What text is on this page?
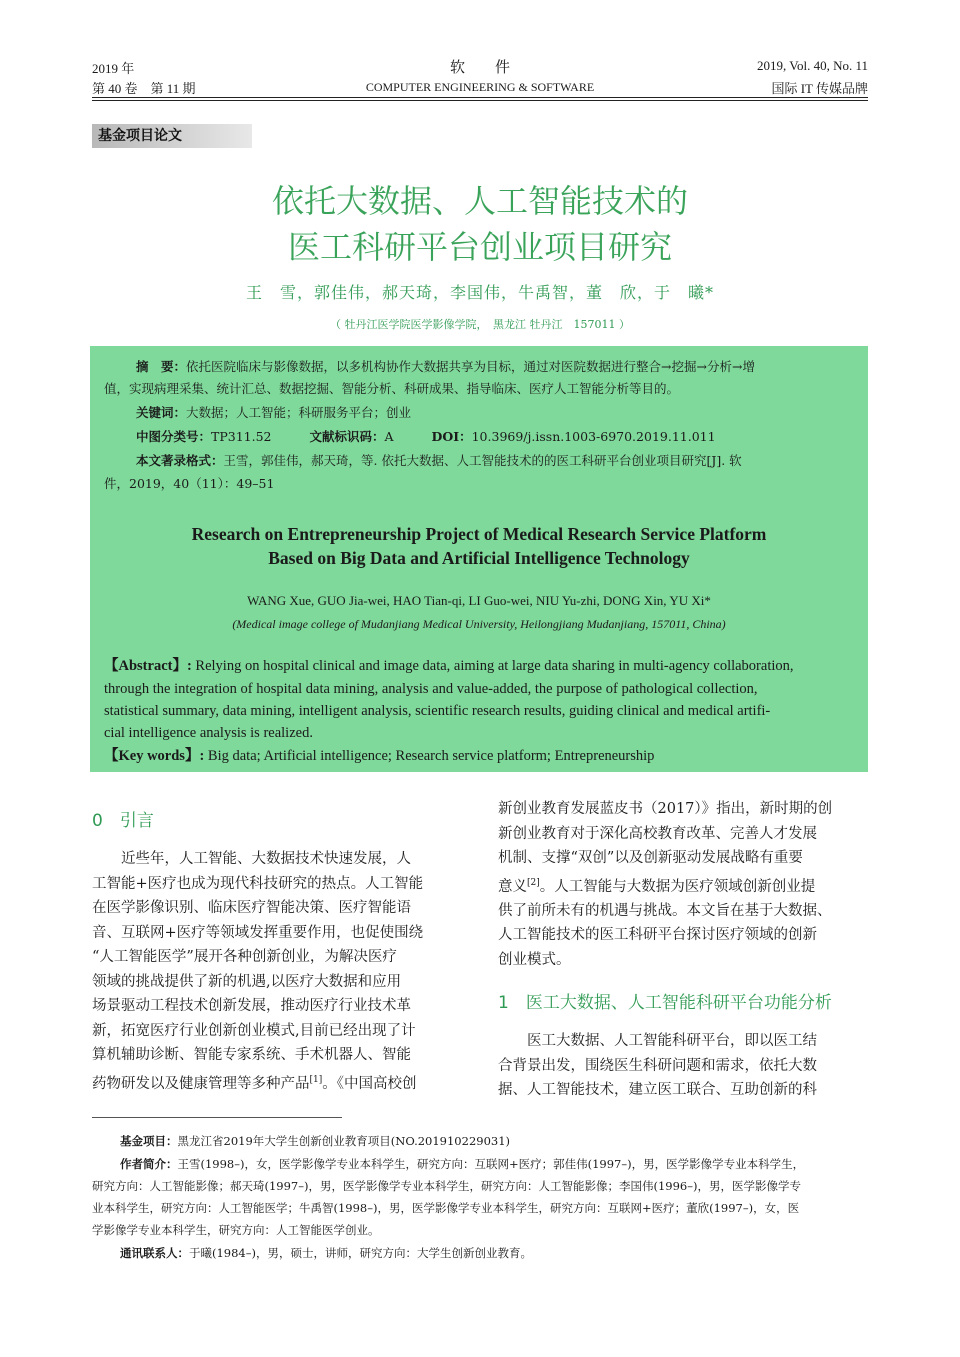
2019 年
第 40 卷　第 11 期
软　　件
COMPUTER ENGINEERING & SOFTWARE
2019, Vol. 40, No. 11
国际 IT 传媒品牌
基金项目论文
依托大数据、人工智能技术的
医工科研平台创业项目研究
王　雪，郭佳伟，郝天琦，李国伟，牛禹智，董　欣，于　曦*
（ 牡丹江医学院医学影像学院，　黑龙江 牡丹江　157011 ）
摘　要：依托医院临床与影像数据，以多机构协作大数据共享为目标，通过对医院数据进行整合→挖掘→分析→增
值，实现病理采集、统计汇总、数据挖掘、智能分析、科研成果、指导临床、医疗人工智能分析等目的。
关键词：大数据；人工智能；科研服务平台；创业
中图分类号：TP311.52	文献标识码：A	DOI：10.3969/j.issn.1003-6970.2019.11.011
本文著录格式：王雪，郭佳伟，郝天琦，等. 依托大数据、人工智能技术的的医工科研平台创业项目研究[J]. 软
件，2019，40（11）：49–51
Research on Entrepreneurship Project of Medical Research Service Platform
Based on Big Data and Artificial Intelligence Technology
WANG Xue, GUO Jia-wei, HAO Tian-qi, LI Guo-wei, NIU Yu-zhi, DONG Xin, YU Xi*
(Medical image college of Mudanjiang Medical University, Heilongjiang Mudanjiang, 157011, China)
【Abstract】: Relying on hospital clinical and image data, aiming at large data sharing in multi-agency collaboration,
through the integration of hospital data mining, analysis and value-added, the purpose of pathological collection,
statistical summary, data mining, intelligent analysis, scientific research results, guiding clinical and medical artifi-
cial intelligence analysis is realized.
【Key words】: Big data; Artificial intelligence; Research service platform; Entrepreneurship
0　引言
　　近些年，人工智能、大数据技术快速发展，人
工智能+医疗也成为现代科技研究的热点。人工智能
在医学影像识别、临床医疗智能决策、医疗智能语
音、互联网+医疗等领域发挥重要作用，也促使围绕
“人工智能医学”展开各种创新创业，为解决医疗
领域的挑战提供了新的机遇,以医疗大数据和应用
场景驱动工程技术创新发展，推动医疗行业技术革
新，拓宽医疗行业创新创业模式,目前已经出现了计
算机辅助诊断、智能专家系统、手术机器人、智能
药物研发以及健康管理等多种产品[1]。《中国高校创
新创业教育发展蓝皮书（2017）》指出，新时期的创
新创业教育对于深化高校教育改革、完善人才发展
机制、支撑“双创”以及创新驱动发展战略有重要
意义[2]。人工智能与大数据为医疗领域创新创业提
供了前所未有的机遇与挑战。本文旨在基于大数据、
人工智能技术的医工科研平台探讨医疗领域的创新
创业模式。
1　医工大数据、人工智能科研平台功能分析
　　医工大数据、人工智能科研平台，即以医工结
合背景出发，围绕医生科研问题和需求，依托大数
据、人工智能技术，建立医工联合、互助创新的科
基金项目：黑龙江省2019年大学生创新创业教育项目(NO.201910229031)
作者简介：王雪(1998–)，女，医学影像学专业本科学生，研究方向：互联网+医疗；郭佳伟(1997–)，男，医学影像学专业本科学生，
研究方向：人工智能影像；郝天琦(1997–)，男，医学影像学专业本科学生，研究方向：人工智能影像；李国伟(1996–)，男，医学影像学专
业本科学生，研究方向：人工智能医学；牛禹智(1998–)，男，医学影像学专业本科学生，研究方向：互联网+医疗；董欣(1997–)，女，医
学影像学专业本科学生，研究方向：人工智能医学创业。
通讯联系人：于曦(1984–)，男，硕士，讲师，研究方向：大学生创新创业教育。
